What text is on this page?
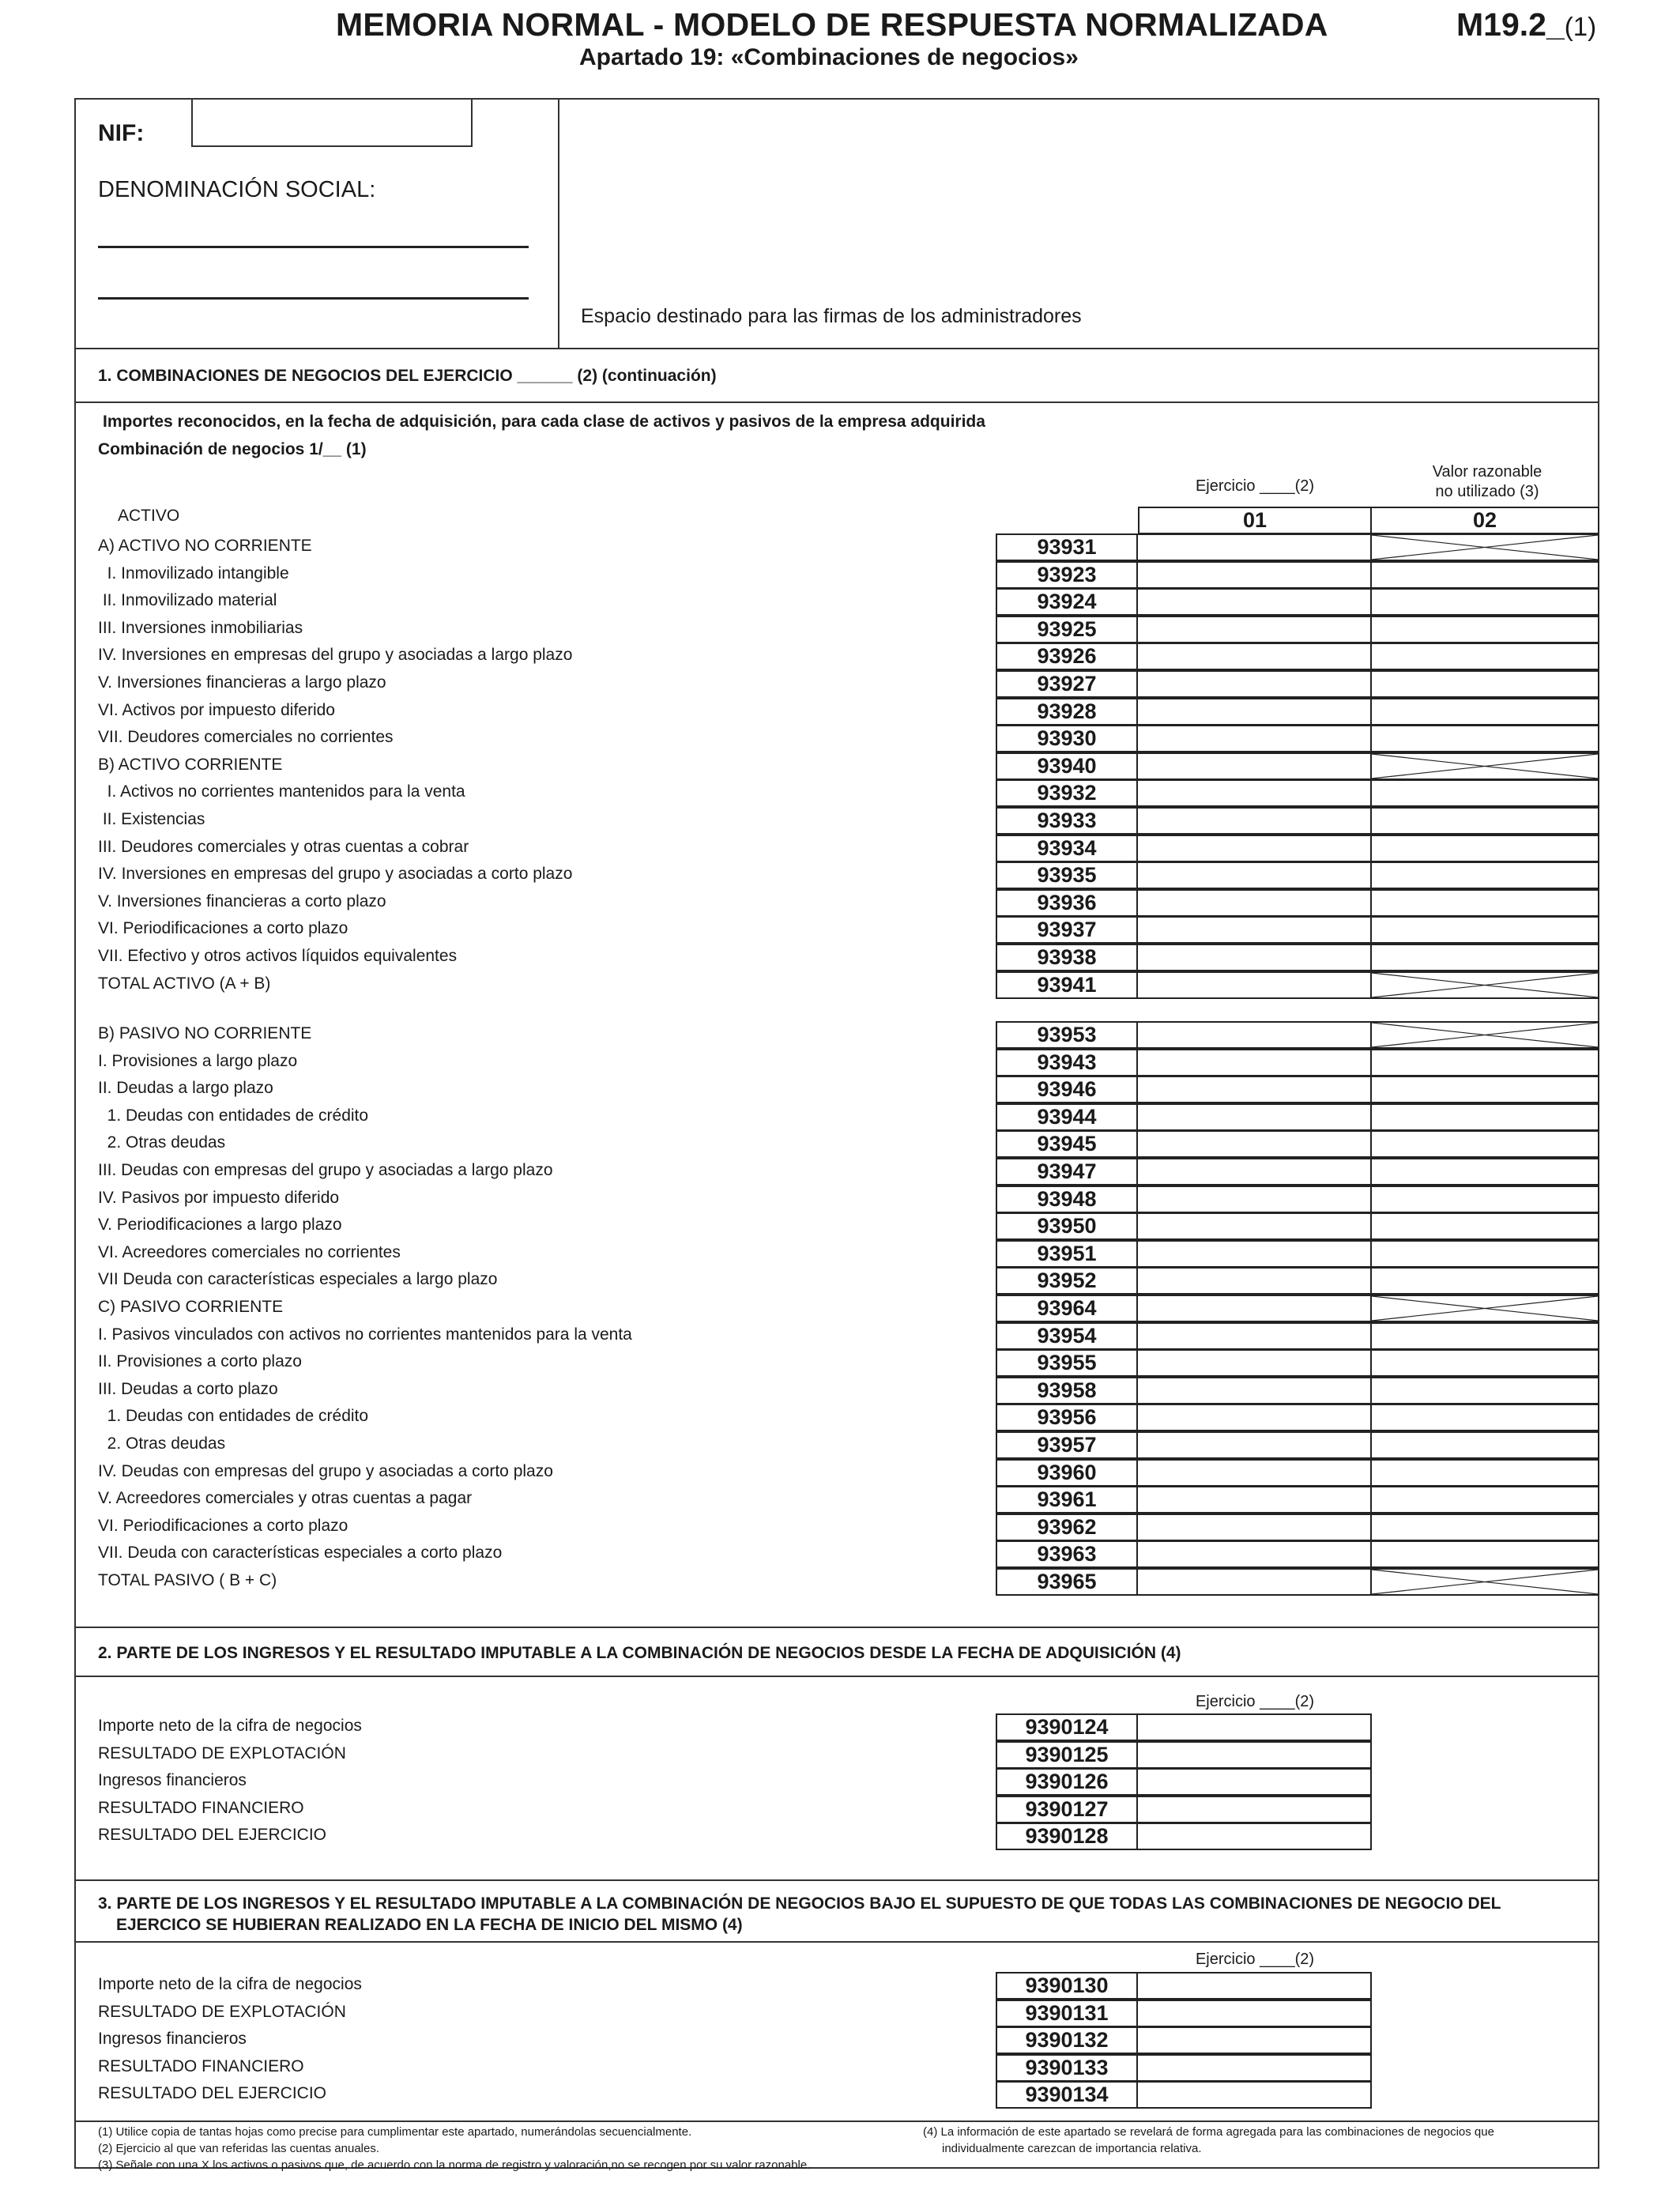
MEMORIA NORMAL - MODELO DE RESPUESTA NORMALIZADA
Apartado 19: «Combinaciones de negocios»
M19.2_(1)
NIF:
DENOMINACIÓN SOCIAL:
Espacio destinado para las firmas de los administradores
1. COMBINACIONES DE NEGOCIOS DEL EJERCICIO ______ (2) (continuación)
Importes reconocidos, en la fecha de adquisición, para cada clase de activos y pasivos de la empresa adquirida
Combinación de negocios 1/__ (1)
Ejercicio ____(2)
Valor razonable
no utilizado (3)
01	02
ACTIVO
A) ACTIVO NO CORRIENTE	93931
I. Inmovilizado intangible	93923
II. Inmovilizado material	93924
III. Inversiones inmobiliarias	93925
IV. Inversiones en empresas del grupo y asociadas a largo plazo	93926
V. Inversiones financieras a largo plazo	93927
VI. Activos por impuesto diferido	93928
VII. Deudores comerciales no corrientes	93930
B) ACTIVO CORRIENTE	93940
I. Activos no corrientes mantenidos para la venta	93932
II. Existencias	93933
III. Deudores comerciales y otras cuentas a cobrar	93934
IV. Inversiones en empresas del grupo y asociadas a corto plazo	93935
V. Inversiones financieras a corto plazo	93936
VI. Periodificaciones a corto plazo	93937
VII. Efectivo y otros activos líquidos equivalentes	93938
TOTAL ACTIVO (A + B)	93941
B) PASIVO NO CORRIENTE	93953
I. Provisiones a largo plazo	93943
II. Deudas a largo plazo	93946
1. Deudas con entidades de crédito	93944
2. Otras deudas	93945
III. Deudas con empresas del grupo y asociadas a largo plazo	93947
IV. Pasivos por impuesto diferido	93948
V. Periodificaciones a largo plazo	93950
VI. Acreedores comerciales no corrientes	93951
VII Deuda con características especiales a largo plazo	93952
C) PASIVO CORRIENTE	93964
I. Pasivos vinculados con activos no corrientes mantenidos para la venta	93954
II. Provisiones a corto plazo	93955
III. Deudas a corto plazo	93958
1. Deudas con entidades de crédito	93956
2. Otras deudas	93957
IV. Deudas con empresas del grupo y asociadas a corto plazo	93960
V. Acreedores comerciales y otras cuentas a pagar	93961
VI. Periodificaciones a corto plazo	93962
VII. Deuda con características especiales a corto plazo	93963
TOTAL PASIVO ( B + C)	93965
2. PARTE DE LOS INGRESOS Y EL RESULTADO IMPUTABLE A LA COMBINACIÓN DE NEGOCIOS DESDE LA FECHA DE ADQUISICIÓN (4)
Ejercicio ____(2)
Importe neto de la cifra de negocios	9390124
RESULTADO DE EXPLOTACIÓN	9390125
Ingresos financieros	9390126
RESULTADO FINANCIERO	9390127
RESULTADO DEL EJERCICIO	9390128
3. PARTE DE LOS INGRESOS Y EL RESULTADO IMPUTABLE A LA COMBINACIÓN DE NEGOCIOS BAJO EL SUPUESTO DE QUE TODAS LAS COMBINACIONES DE NEGOCIO DEL
EJERCICO SE HUBIERAN REALIZADO EN LA FECHA DE INICIO DEL MISMO (4)
Ejercicio ____(2)
Importe neto de la cifra de negocios	9390130
RESULTADO DE EXPLOTACIÓN	9390131
Ingresos financieros	9390132
RESULTADO FINANCIERO	9390133
RESULTADO DEL EJERCICIO	9390134
(1) Utilice copia de tantas hojas como precise para cumplimentar este apartado, numerándolas secuencialmente.
(2) Ejercicio al que van referidas las cuentas anuales.
(3) Señale con una X los activos o pasivos que, de acuerdo con la norma de registro y valoración,no se recogen por su valor razonable.
(4) La información de este apartado se revelará de forma agregada para las combinaciones de negocios que
individualmente carezcan de importancia relativa.
